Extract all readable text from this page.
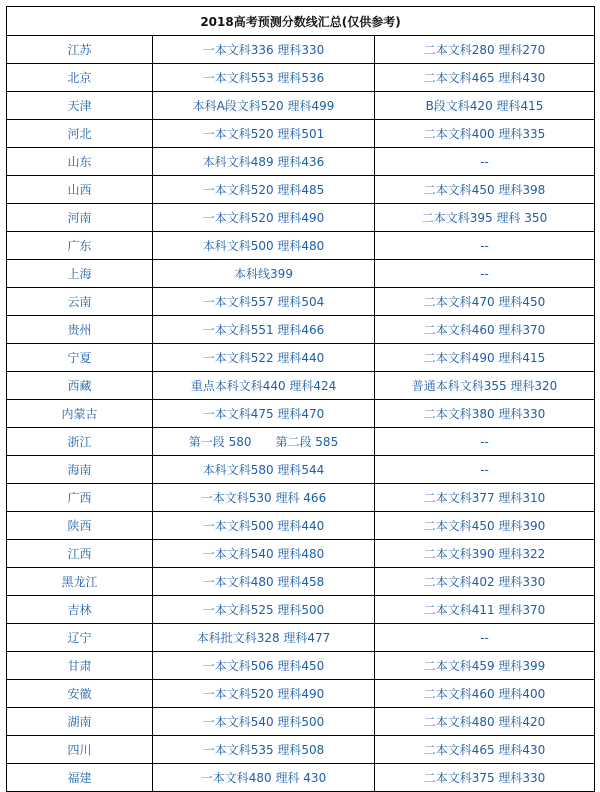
2018高考预测分数线汇总(仅供参考)		
江苏	一本文科336 理科330	二本文科280 理科270
北京	一本文科553 理科536	二本文科465 理科430
天津	本科A段文科520 理科499	B段文科420 理科415
河北	一本文科520 理科501	二本文科400 理科335
山东	本科文科489 理科436	--
山西	一本文科520 理科485	二本文科450 理科398
河南	一本文科520 理科490	二本文科395 理科 350
广东	本科文科500 理科480	--
上海	本科线399	--
云南	一本文科557 理科504	二本文科470 理科450
贵州	一本文科551 理科466	二本文科460 理科370
宁夏	一本文科522 理科440	二本文科490 理科415
西藏	重点本科文科440 理科424	普通本科文科355 理科320
内蒙古	一本文科475 理科470	二本文科380 理科330
浙江	第一段 580　　第二段 585	--
海南	本科文科580 理科544	--
广西	一本文科530 理科 466	二本文科377 理科310
陕西	一本文科500 理科440	二本文科450 理科390
江西	一本文科540 理科480	二本文科390 理科322
黑龙江	一本文科480 理科458	二本文科402 理科330
吉林	一本文科525 理科500	二本文科411 理科370
辽宁	本科批文科328 理科477	--
甘肃	一本文科506 理科450	二本文科459 理科399
安徽	一本文科520 理科490	二本文科460 理科400
湖南	一本文科540 理科500	二本文科480 理科420
四川	一本文科535 理科508	二本文科465 理科430
福建	一本文科480 理科 430	二本文科375 理科330
